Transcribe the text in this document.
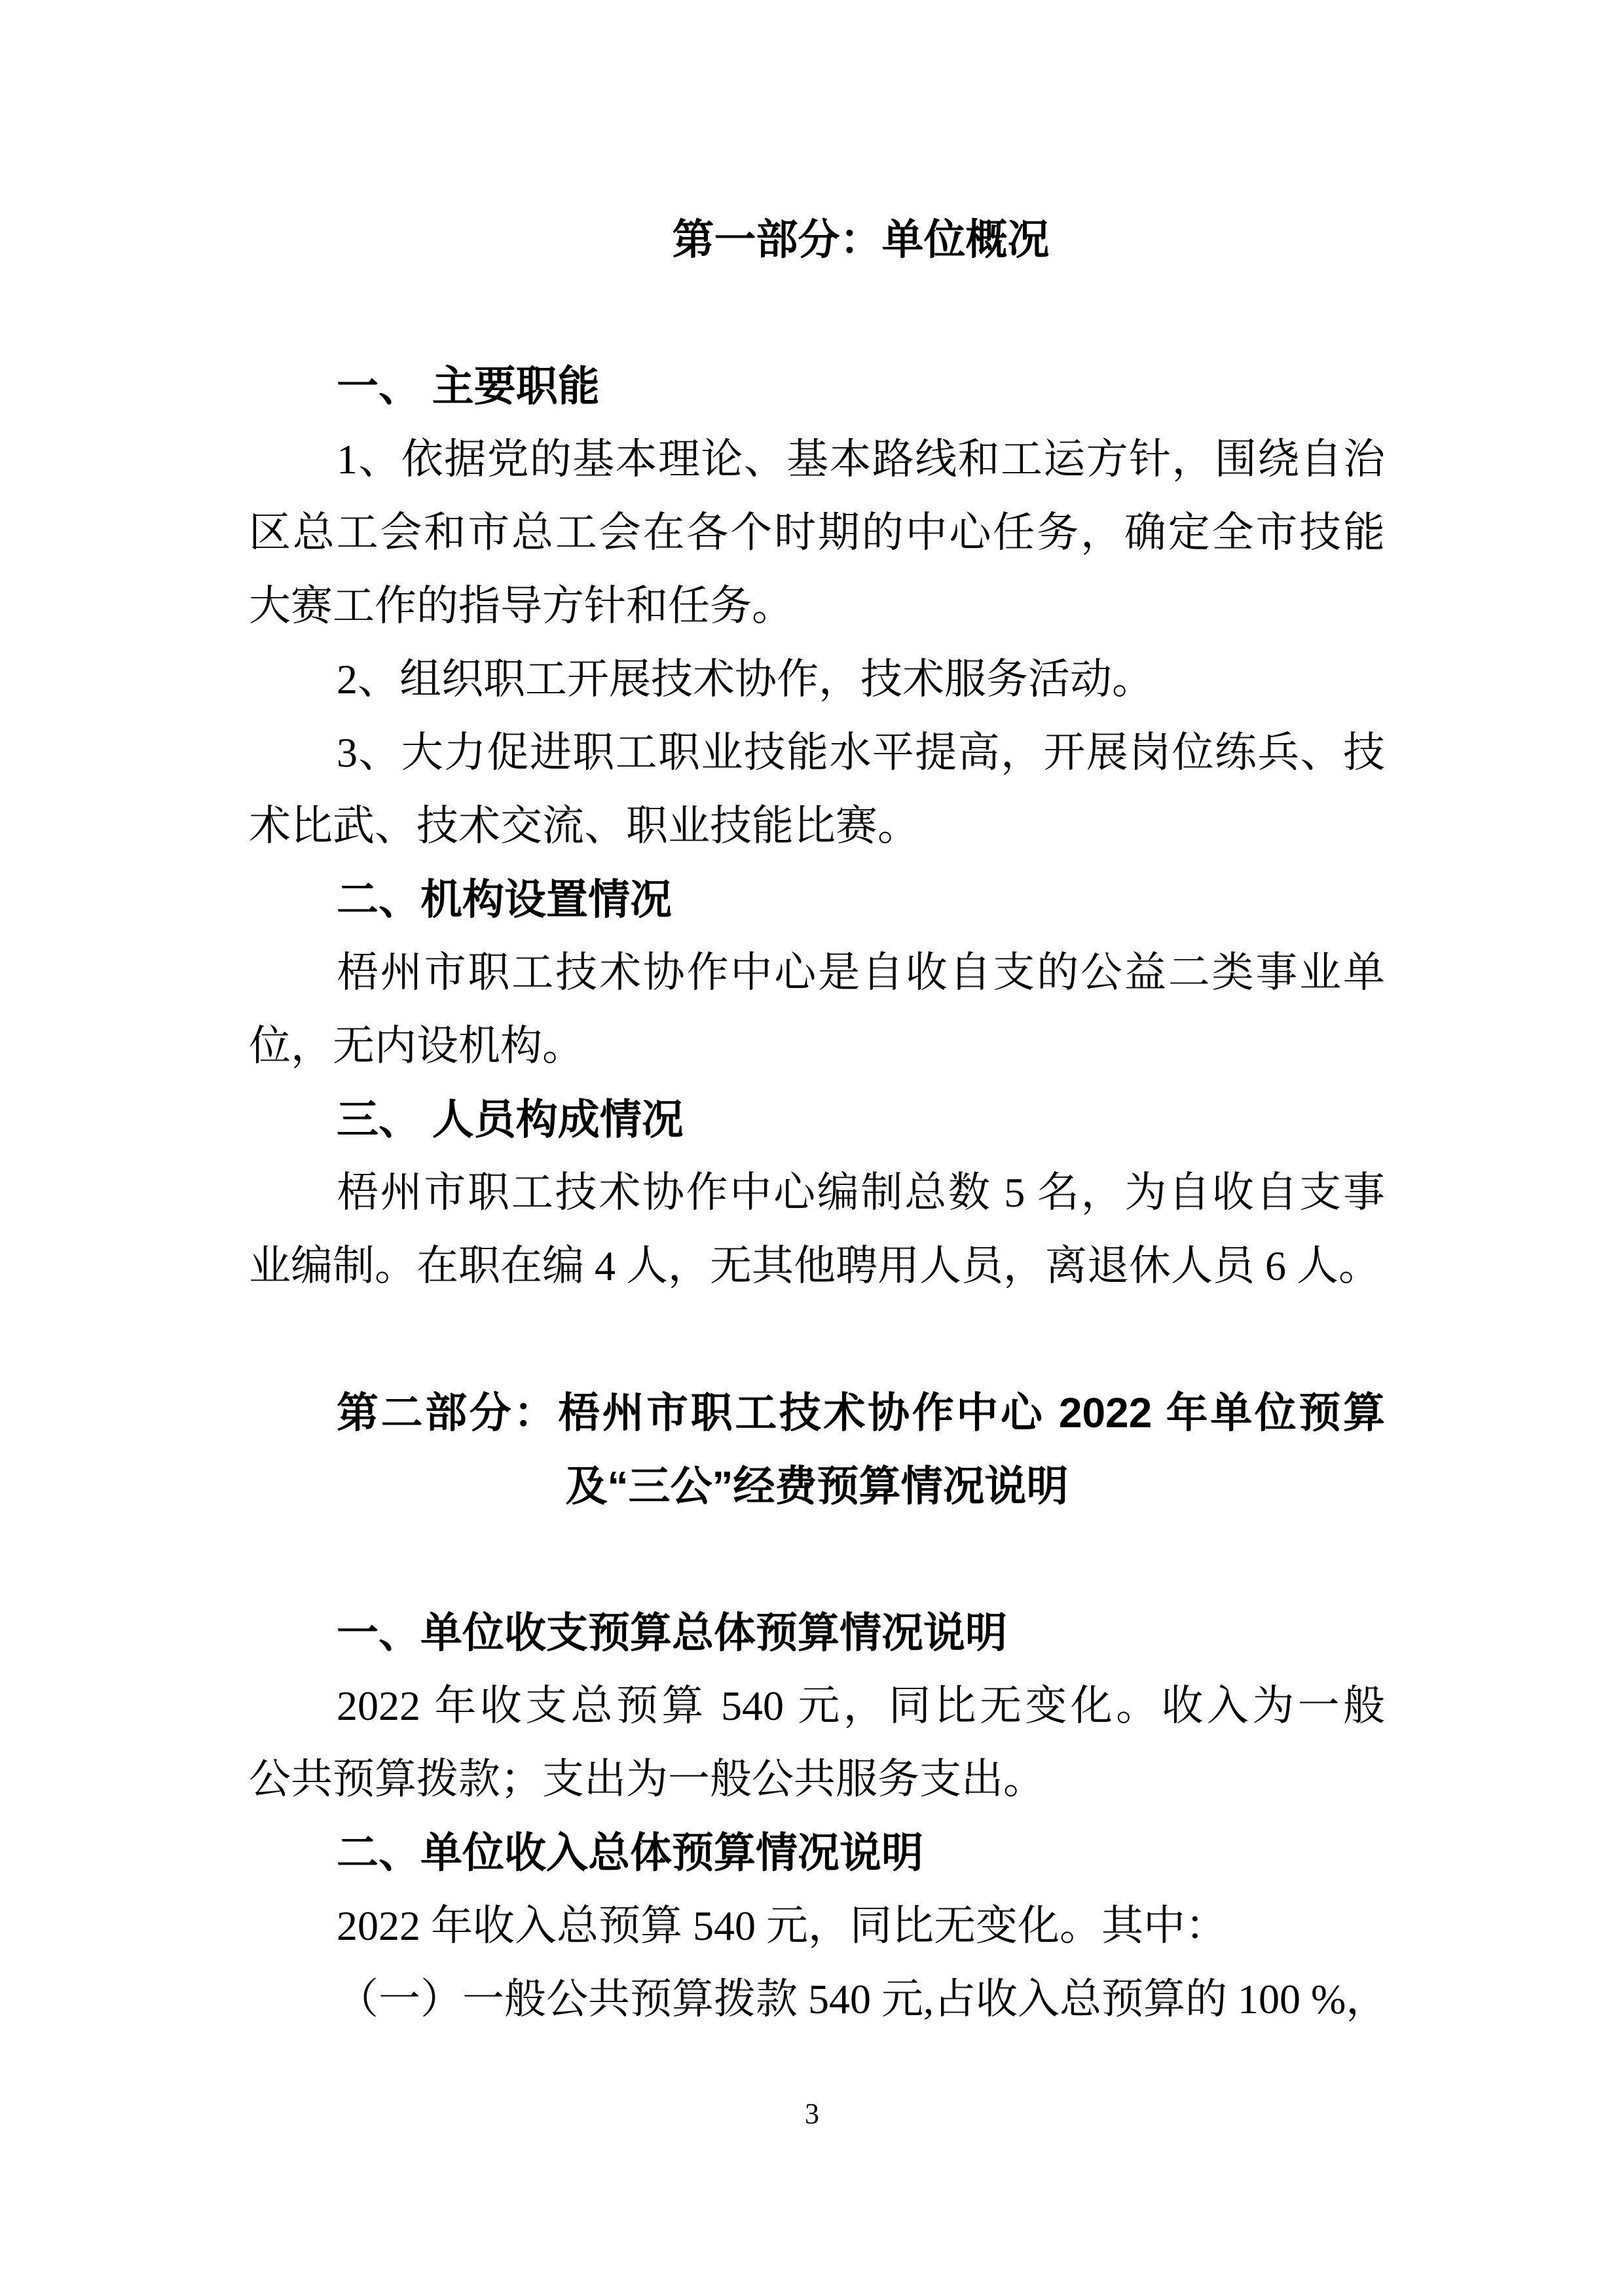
第一部分：单位概况
一、 主要职能
1、依据党的基本理论、基本路线和工运方针，围绕自治
区总工会和市总工会在各个时期的中心任务，确定全市技能
大赛工作的指导方针和任务。
2、组织职工开展技术协作，技术服务活动。
3、大力促进职工职业技能水平提高，开展岗位练兵、技
术比武、技术交流、职业技能比赛。
二、机构设置情况
梧州市职工技术协作中心是自收自支的公益二类事业单
位，无内设机构。
三、 人员构成情况
梧州市职工技术协作中心编制总数 5 名，为自收自支事
业编制。在职在编 4 人，无其他聘用人员，离退休人员 6 人。
第二部分：梧州市职工技术协作中心 2022 年单位预算
及“三公”经费预算情况说明
一、单位收支预算总体预算情况说明
2022 年收支总预算 540 元，同比无变化。收入为一般
公共预算拨款；支出为一般公共服务支出。
二、单位收入总体预算情况说明
2022 年收入总预算 540 元，同比无变化。其中：
（一）一般公共预算拨款 540 元,占收入总预算的 100 %，
3
